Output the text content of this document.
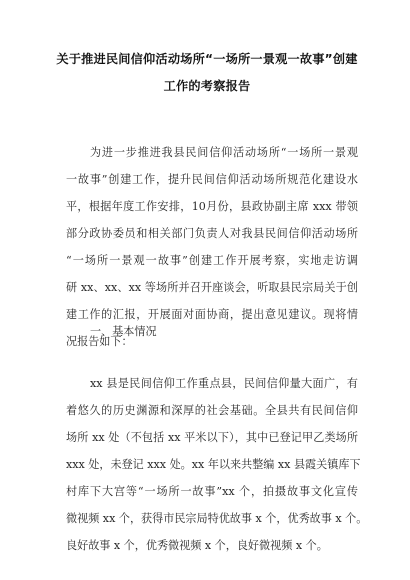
关于推进民间信仰活动场所“一场所一景观一故事”创建
工作的考察报告
为进一步推进我县民间信仰活动场所“一场所一景观
一故事”创建工作，提升民间信仰活动场所规范化建设水
平，根据年度工作安排，10月份，县政协副主席 xxx 带领
部分政协委员和相关部门负责人对我县民间信仰活动场所
“一场所一景观一故事”创建工作开展考察，实地走访调
研 xx、xx、xx 等场所并召开座谈会，听取县民宗局关于创
建工作的汇报，开展面对面协商，提出意见建议。现将情
况报告如下：
一、基本情况
xx 县是民间信仰工作重点县，民间信仰量大面广，有
着悠久的历史渊源和深厚的社会基础。全县共有民间信仰
场所 xx 处（不包括 xx 平米以下），其中已登记甲乙类场所
xxx 处，未登记 xxx 处。xx 年以来共整编 xx 县霞关镇库下
村库下大宫等“一场所一故事”xx 个，拍摄故事文化宣传
微视频 xx 个，获得市民宗局特优故事 x 个，优秀故事 x 个。
良好故事 x 个，优秀微视频 x 个，良好微视频 x 个。
